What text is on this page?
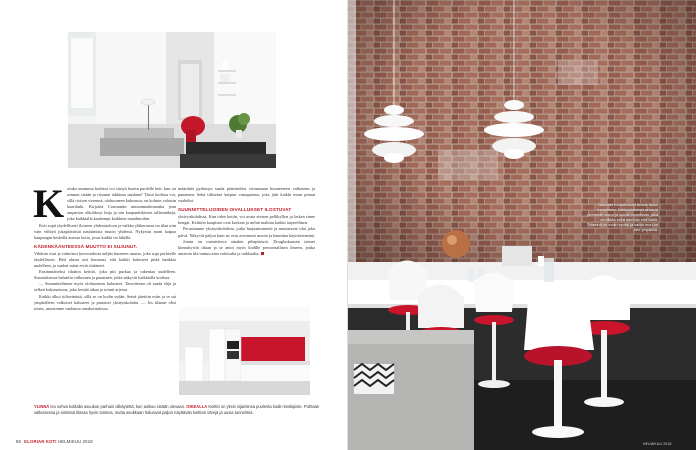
Koinka asunnosa kodissa voi siirtyä baarin puolelle heti, kun on astunut sisään ja riisunut takkinsa naulaan? Tässä kodissa voi, sillä rivisen virrennä, olohuoneen kulmassa, on kolmin valaisin baarihuki. Kirjoittä Constantin ninuonmatkomatka joan amperion olkohkoyt linja ja sen kaupunkikivien tallennäkejä, joka kaikkialla kaukempi kaikkien maailmoihin.
Koti sopii täydellisesti iloiseen yhdessäoloon ja vaikka yläkerrassa on tilaa niin vain viihtyä jokapäiväisiä nauttimisia muoto yhdessä. Nykyisin moni kaipaa kaupungin keskellä asuvaa kotia, jossa kaikki on lähellä.
KÄDENKÄÄNTEESSÄ MUUTTO EI SUJUNUT.
Vihdoin osui ja valmistui kerrostalosta neljän huoneen asunto, joka sopi perheelle täydellisesti. Heti alusta asti huomasi, että kaikki kalusteet pitää hankkia uudelleen, ja vanhat mitat eivät riittäneet.
Ensimmäiseksi tilattiin keittiö, joka piti purkaa ja rakentaa uudelleen. Sisustuksessa haluttiin valkoinen ja punainen, jotka näkyvät kaikkialla kodissa.
— Suunnittelimme myös olohuoneen kalusteet. Tavoitteena oli saada ehjä ja selkeä kokonaisuus, joka kestää aikaa ja toimii arjessa.
Kaikki alkoi tiiliseinästä, sillä se on kodin sydän. Seinä jätettiin esiin ja se sai ympärilleen valkoiset kalusteet ja punaiset yksityiskohdat. — Jos tilanne olisi toisin, asuisimme vanhassa omakotitalossa.
määrittää pyrkimys saada pääväreiksi virtaamaan huoneeseen valkoinen ja punainen. Sekä tiiliseinä kaipasi vastapainoa, joka jätti kaikki muut pinnat vaaleiksi.
SUUNNITTELIJOIDEN OIVALLUKSET ILOSTUVAT
yksityiskohdissa. Kun tulee kotiin, voi avata eteisen pellihyllyn ja laskea sinne kengät. Keittiön kaapistot ovat korkeat ja niihin mahtuu kaikki tarpeellinen.
Perustamme yksityiskohdista, jotka harjaantuneesti ja tunnistavat tilat joka päivä. Näkyvät paljon kuin ne ovat avoimesti muoto ja kauniina käyttöesineinä.
Jotain on toteutettava ainakin pihapiirissä. Douglaskuusen taimet kiinnittyivät tilaan ja se antoi myös kodille persoonallisen ilmeen, jonka ansiosta tila tuntuu aina valoisalta ja raikkaalta.
YLINNÄ Iso sohva kotilalla asuukun parhain olikäytettä, kun asikuu sisään olevaan. OIKEALLA Keittiö on yksin sijaintinsa puolesta kodin keskipiste. Puhtaan valkoisessa ja siistissä tilassa hyvin toimiva, mutta asukkaan halusivat paljon näyttävän keittiön värejä ja uusia tunnelmia.
56 GLORIAN KOTI HELMIKUU 2018
Valkoiset ruokailutuolit tuovat tilaan tunnelman. Kattovalaisimet antavat pehmeän valon ja luovat tunnelmaa, joka viehättää sekä aamulla että illalla. Tiiliseinä on kodin sydän ja kaikki muu on sen ympärillä.
HELMIKUU 2018
